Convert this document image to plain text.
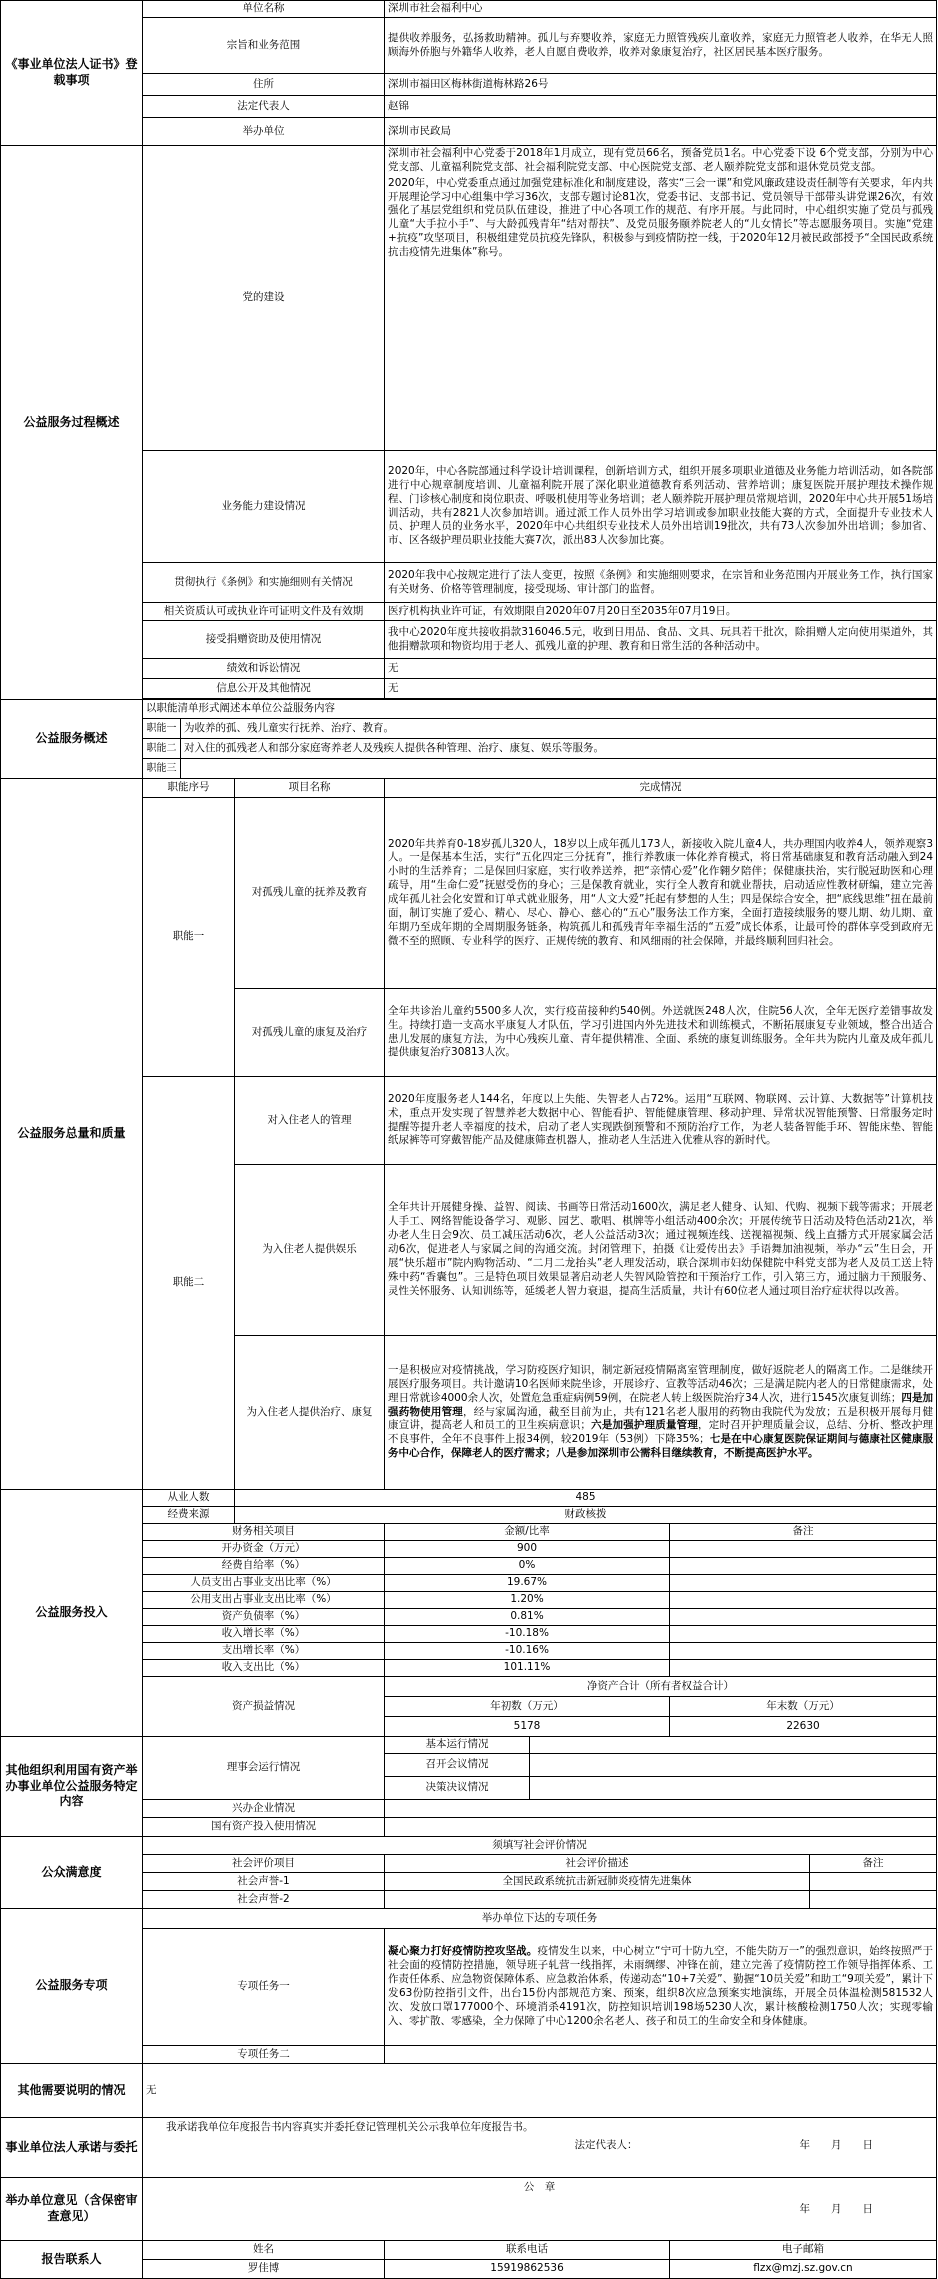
《事业单位法人证书》登载事项	单位名称			深圳市社会福利中心			
	宗旨和业务范围			提供收养服务，弘扬救助精神。孤儿与弃婴收养，家庭无力照管残疾儿童收养，家庭无力照管老人收养，在华无人照顾海外侨胞与外籍华人收养，老人自愿自费收养，收养对象康复治疗，社区居民基本医疗服务。			
	住所			深圳市福田区梅林街道梅林路26号			
	法定代表人			赵锦			
	举办单位			深圳市民政局			
公益服务过程概述	党的建设			深圳市社会福利中心党委于2018年1月成立，现有党员66名，预备党员1名。中心党委下设 6个党支部，分别为中心党支部、儿童福利院党支部、社会福利院党支部、中心医院党支部、老人颐养院党支部和退休党员党支部。
2020年，中心党委重点通过加强党建标准化和制度建设，落实“三会一课”和党风廉政建设责任制等有关要求，年内共开展理论学习中心组集中学习36次，支部专题讨论81次，党委书记、支部书记、党员领导干部带头讲党课26次，有效强化了基层党组织和党员队伍建设，推进了中心各项工作的规范、有序开展。与此同时，中心组织实施了党员与孤残儿童“大手拉小手”、与大龄孤残青年“结对帮扶”、及党员服务颐养院老人的“儿女情长”等志愿服务项目。实施“党建+抗疫”攻坚项目，积极组建党员抗疫先锋队，积极参与到疫情防控一线，于2020年12月被民政部授予“全国民政系统抗击疫情先进集体”称号。			

	业务能力建设情况			2020年，中心各院部通过科学设计培训课程，创新培训方式，组织开展多项职业道德及业务能力培训活动，如各院部进行中心规章制度培训、儿童福利院开展了深化职业道德教育系列活动、营养培训；康复医院开展护理技术操作规程、门诊核心制度和岗位职责、呼吸机使用等业务培训；老人颐养院开展护理员常规培训，2020年中心共开展51场培训活动，共有2821人次参加培训。通过派工作人员外出学习培训或参加职业技能大赛的方式，全面提升专业技术人员、护理人员的业务水平，2020年中心共组织专业技术人员外出培训19批次，共有73人次参加外出培训；参加省、市、区各级护理员职业技能大赛7次，派出83人次参加比赛。			
	贯彻执行《条例》和实施细则有关情况			2020年我中心按规定进行了法人变更，按照《条例》和实施细则要求，在宗旨和业务范围内开展业务工作，执行国家有关财务、价格等管理制度，接受现场、审计部门的监督。			
	相关资质认可或执业许可证明文件及有效期			医疗机构执业许可证，有效期限自2020年07月20日至2035年07月19日。			
	接受捐赠资助及使用情况			我中心2020年度共接收捐款316046.5元，收到日用品、食品、文具、玩具若干批次，除捐赠人定向使用渠道外，其他捐赠款项和物资均用于老人、孤残儿童的护理、教育和日常生活的各种活动中。			
	绩效和诉讼情况			无			
	信息公开及其他情况			无			

公益服务概述	以职能清单形式阐述本单位公益服务内容						
	职能一	为收养的孤、残儿童实行抚养、治疗、教育。					
	职能二	对入住的孤残老人和部分家庭寄养老人及残疾人提供各种管理、治疗、康复、娱乐等服务。					
	职能三						
公益服务总量和质量	职能序号		项目名称	完成情况			
	职能一		对孤残儿童的抚养及教育	2020年共养育0-18岁孤儿320人，18岁以上成年孤儿173人，新接收入院儿童4人，共办理国内收养4人，领养观察3人。一是保基本生活，实行“五化四定三分抚育”，推行养教康一体化养育模式，将日常基础康复和教育活动融入到24小时的生活养育；二是保回归家庭，实行收养送养，把“亲情心爱”化作翱夕陪伴；保健康扶治，实行脱冠助医和心理疏导，用“生命仁爱”抚慰受伤的身心；三是保教育就业，实行全人教育和就业帮扶，启动适应性教材研编，建立完善成年孤儿社会化安置和订单式就业服务，用“人文大爱”托起有梦想的人生；四是保综合安全，把“底线思维”扭在最前面，制订实施了爱心、精心、尽心、静心、慈心的“五心”服务法工作方案，全面打造接续服务的婴儿期、幼儿期、童年期乃至成年期的全周期服务链条，构筑孤儿和孤残青年幸福生活的“五爱”成长体系，让最可怜的群体享受到政府无微不至的照顾、专业科学的医疗、正规传统的教育、和风细雨的社会保障，并最终顺利回归社会。			
			对孤残儿童的康复及治疗	全年共诊治儿童约5500多人次，实行疫苗接种约540例。外送就医248人次，住院56人次，全年无医疗差错事故发生。持续打造一支高水平康复人才队伍，学习引进国内外先进技术和训练模式，不断拓展康复专业领域，整合出适合患儿发展的康复方法，为中心残疾儿童、青年提供精准、全面、系统的康复训练服务。全年共为院内儿童及成年孤儿提供康复治疗30813人次。			
	职能二		对入住老人的管理	2020年度服务老人144名，年度以上失能、失智老人占72%。运用“互联网、物联网、云计算、大数据等”计算机技术，重点开发实现了智慧养老大数据中心、智能看护、智能健康管理、移动护理、异常状况智能预警、日常服务定时提醒等提升老人幸福度的技术，启动了老人实现跌倒预警和不预防治疗工作，为老人装备智能手环、智能床垫、智能纸尿裤等可穿戴智能产品及健康筛查机器人，推动老人生活进入优雅从容的新时代。			
			为入住老人提供娱乐	全年共计开展健身操、益智、阅读、书画等日常活动1600次，满足老人健身、认知、代购、视频下载等需求；开展老人手工、网络智能设备学习、观影、园艺、歌唱、棋牌等小组活动400余次；开展传统节日活动及特色活动21次，举办老人生日会9次、员工减压活动6次，老人公益活动3次；通过视频连线、送视福视频、线上直播方式开展家属会活动6次，促进老人与家属之间的沟通交流。封闭管理下，拍摄《让爱传出去》手语舞加油视频，举办“云”生日会，开展“快乐超市”院内购物活动、“二月二龙抬头”老人理发活动，联合深圳市妇幼保健院中科党支部为老人及员工送上特殊中药“香囊包”。三是特色项目效果显著启动老人失智风险管控和干预治疗工作，引入第三方，通过脑力干预服务、灵性关怀服务、认知训练等，延缓老人智力衰退，提高生活质量，共计有60位老人通过项目治疗症状得以改善。			
			为入住老人提供治疗、康复	一是积极应对疫情挑战，学习防疫医疗知识，制定新冠疫情隔离室管理制度，做好返院老人的隔离工作。二是继续开展医疗服务项目。共计邀请10名医师来院坐诊，开展诊疗、宣教等活动46次；三是满足院内老人的日常健康需求，处理日常就诊4000余人次，处置危急重症病例59例，在院老人转上级医院治疗34人次，进行1545次康复训练；四是加强药物使用管理，经与家属沟通，截至目前为止，共有121名老人服用的药物由我院代为发放；五是积极开展每月健康宣讲，提高老人和员工的卫生疾病意识；六是加强护理质量管理，定时召开护理质量会议，总结、分析、整改护理不良事件，全年不良事件上报34例，较2019年（53例）下降35%；七是在中心康复医院保证期间与德康社区健康服务中心合作，保障老人的医疗需求；八是参加深圳市公需科目继续教育，不断提高医护水平。			
公益服务投入	从业人数		485				
	经费来源		财政核拨				
	财务相关项目			金额/比率		备注	
	开办资金（万元）			900			
	经费自给率（%）			0%			
	人员支出占事业支出比率（%）			19.67%			
	公用支出占事业支出比率（%）			1.20%			
	资产负债率（%）			0.81%			
	收入增长率（%）			-10.18%			
	支出增长率（%）			-10.16%			
	收入支出比（%）			101.11%			
	资产损益情况			净资产合计（所有者权益合计）			
				年初数（万元）		年末数（万元）	
				5178		22630	
其他组织利用国有资产举办事业单位公益服务特定内容	理事会运行情况			基本运行情况			
				召开会议情况			
				决策决议情况			
	兴办企业情况						
	国有资产投入使用情况						
公众满意度	须填写社会评价情况						
	社会评价项目			社会评价描述			备注
	社会声誉-1			全国民政系统抗击新冠肺炎疫情先进集体			
	社会声誉-2						
公益服务专项	举办单位下达的专项任务						
	专项任务一			凝心聚力打好疫情防控攻坚战。疫情发生以来，中心树立“宁可十防九空，不能失防万一”的强烈意识，始终按照严于社会面的疫情防控措施，领导班子轧营一线指挥，未雨绸缪、冲锋在前，建立完善了疫情防控工作领导指挥体系、工作责任体系、应急物资保障体系、应急救治体系，传递动态“10+7关爱”、勤握“10员关爱”和助工“9项关爱”，累计下发63份防控指引文件，出台15份内部规范方案、预案，组织8次应急预案实地演练，开展全员体温检测581532人次、发放口罩177000个、环境消杀4191次，防控知识培训198场5230人次，累计核酸检测1750人次；实现零输入、零扩散、零感染，全力保障了中心1200余名老人、孩子和员工的生命安全和身体健康。			
	专项任务二						
其他需要说明的情况	无						
事业单位法人承诺与委托	我承诺我单位年度报告书内容真实并委托登记管理机关公示我单位年度报告书。
法定代表人： 年　　月　　日						

举办单位意见（含保密审查意见）	公　章
年　　月　　日						

报告联系人	姓名			联系电话		电子邮箱	
	罗佳博			15919862536		flzx@mzj.sz.gov.cn	
